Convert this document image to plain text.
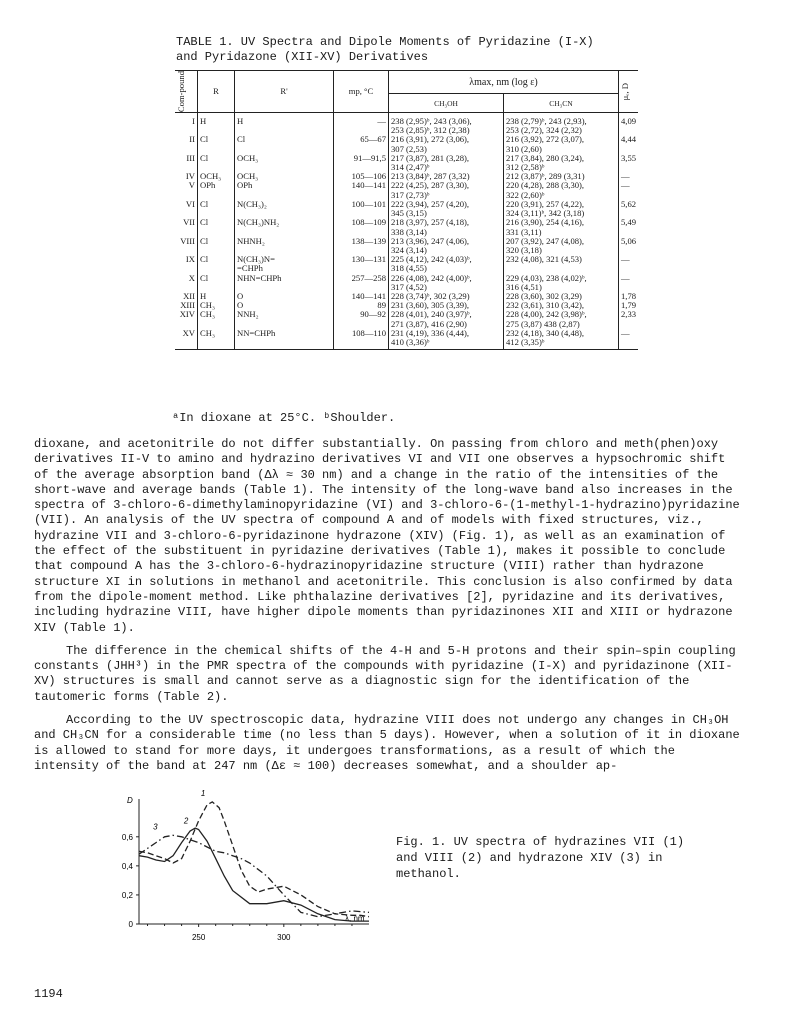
TABLE 1. UV Spectra and Dipole Moments of Pyridazine (I-X)
and Pyridazone (XII-XV) Derivatives
Com-pound	R	R'	mp, °C	λmax, nm (log ε)		μₑ, D

				CH₃OH	CH₃CN	
I	H	H	—	238 (2,95)ᵇ, 243 (3,06),
253 (2,85)ᵇ, 312 (2,38)	238 (2,79)ᵇ, 243 (2,93),
253 (2,72), 324 (2,32)	4,09
II	Cl	Cl	65—67	216 (3,91), 272 (3,06),
307 (2,53)	216 (3,92), 272 (3,07),
310 (2,60)	4,44
III	Cl	OCH₃	91—91,5	217 (3,87), 281 (3,28),
314 (2,47)ᵇ	217 (3,84), 280 (3,24),
312 (2,58)ᵇ	3,55
IV	OCH₃	OCH₃	105—106	213 (3,84)ᵇ, 287 (3,32)	212 (3,87)ᵇ, 289 (3,31)	—
V	OPh	OPh	140—141	222 (4,25), 287 (3,30),
317 (2,73)ᵇ	220 (4,28), 288 (3,30),
322 (2,60)ᵇ	—
VI	Cl	N(CH₃)₂	100—101	222 (3,94), 257 (4,20),
345 (3,15)	220 (3,91), 257 (4,22),
324 (3,11)ᵇ, 342 (3,18)	5,62
VII	Cl	N(CH₃)NH₂	108—109	218 (3,97), 257 (4,18),
338 (3,14)	216 (3,90), 254 (4,16),
331 (3,11)	5,49
VIII	Cl	NHNH₂	138—139	213 (3,96), 247 (4,06),
324 (3,14)	207 (3,92), 247 (4,08),
320 (3,18)	5,06
IX	Cl	N(CH₃)N=
=CHPh	130—131	225 (4,12), 242 (4,03)ᵇ,
318 (4,55)	232 (4,08), 321 (4,53)	—
X	Cl	NHN=CHPh	257—258	226 (4,08), 242 (4,00)ᵇ,
317 (4,52)	229 (4,03), 238 (4,02)ᵇ,
316 (4,51)	—
XII	H	O	140—141	228 (3,74)ᵇ, 302 (3,29)	228 (3,60), 302 (3,29)	1,78
XIII	CH₃	O	89	231 (3,60), 305 (3,39),	232 (3,61), 310 (3,42),	1,79
XIV	CH₃	NNH₂	90—92	228 (4,01), 240 (3,97)ᵇ,
271 (3,87), 416 (2,90)	228 (4,00), 242 (3,98)ᵇ,
275 (3,87) 438 (2,87)	2,33
XV	CH₃	NN=CHPh	108—110	231 (4,19), 336 (4,44),
410 (3,36)ᵇ	232 (4,18), 340 (4,48),
412 (3,35)ᵇ	—
ᵃIn dioxane at 25°C. ᵇShoulder.

dioxane, and acetonitrile do not differ substantially. On passing from chloro and meth(phen)oxy derivatives II-V to amino and hydrazino derivatives VI and VII one observes a hypsochromic shift of the average absorption band (Δλ ≈ 30 nm) and a change in the ratio of the intensities of the short-wave and average bands (Table 1). The intensity of the long-wave band also increases in the spectra of 3-chloro-6-dimethylaminopyridazine (VI) and 3-chloro-6-(1-methyl-1-hydrazino)pyridazine (VII). An analysis of the UV spectra of compound A and of models with fixed structures, viz., hydrazine VII and 3-chloro-6-pyridazinone hydrazone (XIV) (Fig. 1), as well as an examination of the effect of the substituent in pyridazine derivatives (Table 1), makes it possible to conclude that compound A has the 3-chloro-6-hydrazinopyridazine structure (VIII) rather than hydrazone structure XI in solutions in methanol and acetonitrile. This conclusion is also confirmed by data from the dipole-moment method. Like phthalazine derivatives [2], pyridazine and its derivatives, including hydrazine VIII, have higher dipole moments than pyridazinones XII and XIII or hydrazone XIV (Table 1).

The difference in the chemical shifts of the 4-H and 5-H protons and their spin–spin coupling constants (JHH³) in the PMR spectra of the compounds with pyridazine (I-X) and pyridazinone (XII-XV) structures is small and cannot serve as a diagnostic sign for the identification of the tautomeric forms (Table 2).

According to the UV spectroscopic data, hydrazine VIII does not undergo any changes in CH₃OH and CH₃CN for a considerable time (no less than 5 days). However, when a solution of it in dioxane is allowed to stand for more days, it undergoes transformations, as a result of which the intensity of the band at 247 nm (Δε ≈ 100) decreases somewhat, and a shoulder ap-

0,6
0,4
0,2
0
250	300
D
λ, nm
1
2
3
Fig. 1. UV spectra of hydrazines VII (1) and VIII (2) and hydrazone XIV (3) in methanol.
1194
